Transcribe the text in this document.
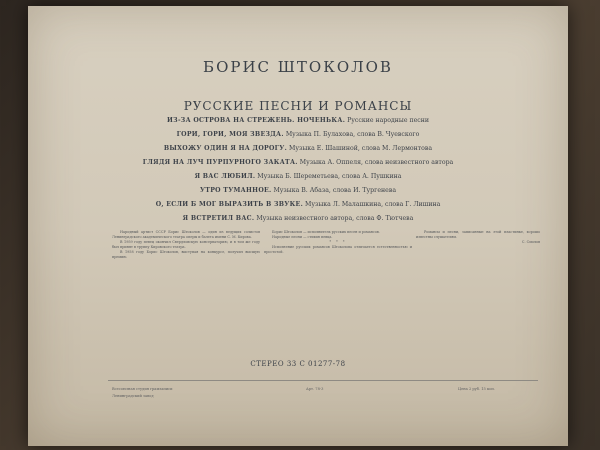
БОРИС ШТОКОЛОВ
РУССКИЕ ПЕСНИ И РОМАНСЫ
ИЗ-ЗА ОСТРОВА НА СТРЕЖЕНЬ. НОЧЕНЬКА. Русские народные песни
ГОРИ, ГОРИ, МОЯ ЗВЕЗДА. Музыка П. Булахова, слова В. Чуевского
ВЫХОЖУ ОДИН Я НА ДОРОГУ. Музыка Е. Шашиной, слова М. Лермонтова
ГЛЯДЯ НА ЛУЧ ПУРПУРНОГО ЗАКАТА. Музыка А. Оппеля, слова неизвестного автора
Я ВАС ЛЮБИЛ. Музыка Б. Шереметьева, слова А. Пушкина
УТРО ТУМАННОЕ. Музыка В. Абаза, слова И. Тургенева
О, ЕСЛИ Б МОГ ВЫРАЗИТЬ В ЗВУКЕ. Музыка Л. Малашкина, слова Г. Лишина
Я ВСТРЕТИЛ ВАС. Музыка неизвестного автора, слова Ф. Тютчева

Народный артист СССР Борис Штоколов — один из ведущих солистов Ленинградского академического театра оперы и балета имени С. М. Кирова.

В 1959 году певец окончил Свердловскую консерваторию, и в том же году был принят в труппу Кировского театра.

В 1958 году Борис Штоколов, выступая на конкурсе, получил высшую премию.

Борис Штоколов — исполнитель русских песен и романсов.

Народные песни — стихия певца.

* * *

Исполнение русских романсов Штоколова отличается естественностью и простотой.

Романсы и песни, записанные на этой пластинке, хорошо известны слушателям.

С. Смолов

СТЕРЕО 33 С 01277-78
Всесоюзная студия грамзаписи	Арт. 78-3	Цена 2 руб. 15 коп.
Ленинградский завод
